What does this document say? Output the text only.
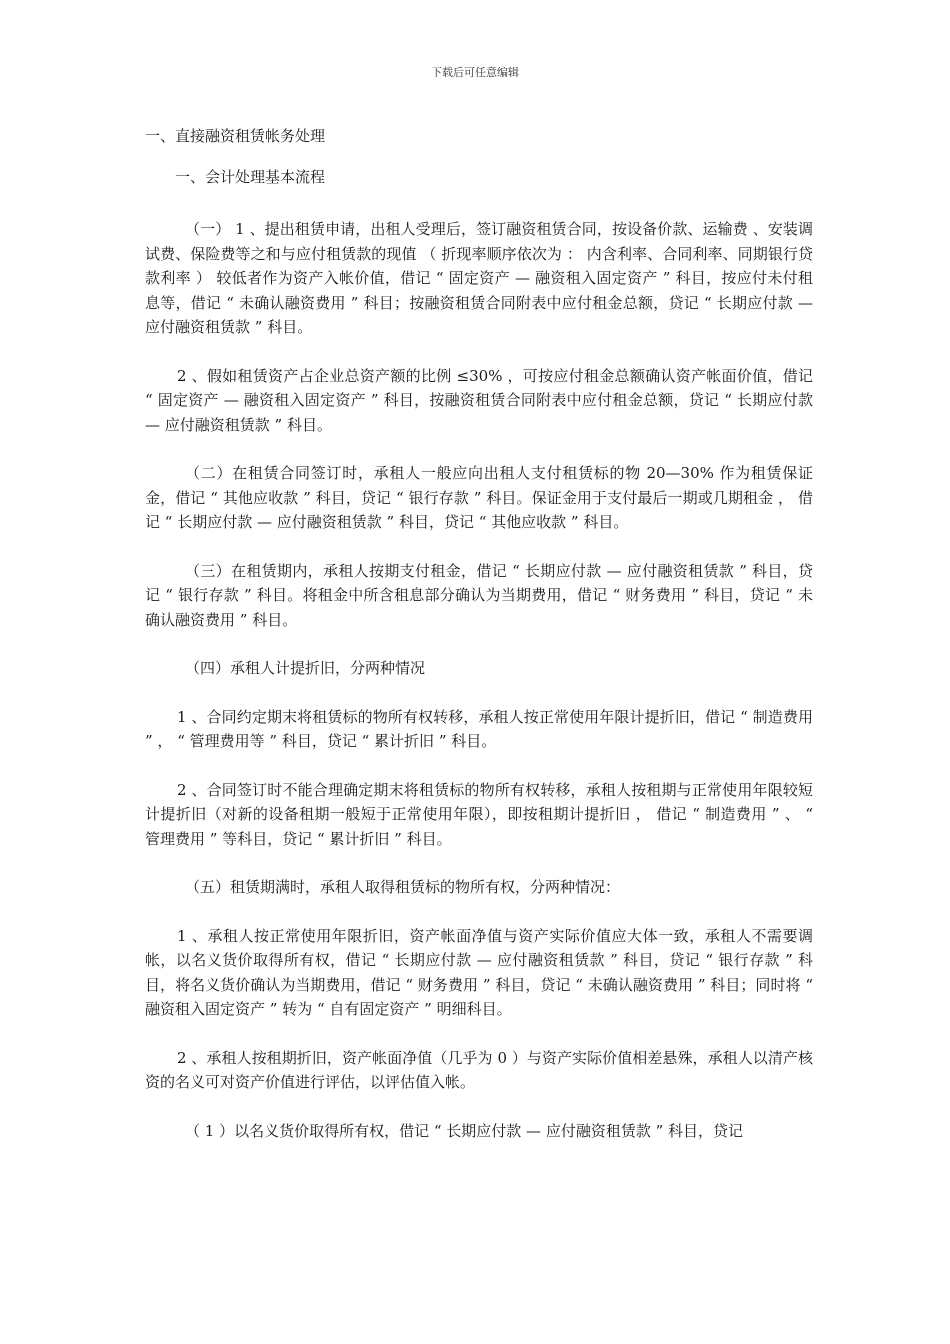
下载后可任意编辑

一、直接融资租赁帐务处理

一、会计处理基本流程

（一） 1 、提出租赁申请，出租人受理后，签订融资租赁合同，按设备价款、运输费 、安装调试费、保险费等之和与应付租赁款的现值 （ 折现率顺序依次为 ： 内含利率、合同利率、同期银行贷款利率 ） 较低者作为资产入帐价值，借记 “ 固定资产 — 融资租入固定资产 ” 科目，按应付未付租息等，借记 “ 未确认融资费用 ” 科目；按融资租赁合同附表中应付租金总额，贷记 “ 长期应付款 — 应付融资租赁款 ” 科目。

2 、假如租赁资产占企业总资产额的比例 ≤30% ，可按应付租金总额确认资产帐面价值，借记 “ 固定资产 — 融资租入固定资产 ” 科目，按融资租赁合同附表中应付租金总额，贷记 “ 长期应付款 — 应付融资租赁款 ” 科目。

（二）在租赁合同签订时，承租人一般应向出租人支付租赁标的物 20—30% 作为租赁保证金，借记 “ 其他应收款 ” 科目，贷记 “ 银行存款 ” 科目。保证金用于支付最后一期或几期租金 ， 借记 “ 长期应付款 — 应付融资租赁款 ” 科目，贷记 “ 其他应收款 ” 科目。

（三）在租赁期内，承租人按期支付租金，借记 “ 长期应付款 — 应付融资租赁款 ” 科目，贷记 “ 银行存款 ” 科目。将租金中所含租息部分确认为当期费用，借记 “ 财务费用 ” 科目，贷记 “ 未确认融资费用 ” 科目。

（四）承租人计提折旧，分两种情况

1 、合同约定期末将租赁标的物所有权转移，承租人按正常使用年限计提折旧，借记 “ 制造费用 ” ， “ 管理费用等 ” 科目，贷记 “ 累计折旧 ” 科目。

2 、合同签订时不能合理确定期末将租赁标的物所有权转移，承租人按租期与正常使用年限较短计提折旧（对新的设备租期一般短于正常使用年限），即按租期计提折旧 ， 借记 “ 制造费用 ” 、 “ 管理费用 ” 等科目，贷记 “ 累计折旧 ” 科目。

（五）租赁期满时，承租人取得租赁标的物所有权，分两种情况：

1 、承租人按正常使用年限折旧，资产帐面净值与资产实际价值应大体一致，承租人不需要调帐，以名义货价取得所有权，借记 “ 长期应付款 — 应付融资租赁款 ” 科目，贷记 “ 银行存款 ” 科目，将名义货价确认为当期费用，借记 “ 财务费用 ” 科目，贷记 “ 未确认融资费用 ” 科目；同时将 “ 融资租入固定资产 ” 转为 “ 自有固定资产 ” 明细科目。

2 、承租人按租期折旧，资产帐面净值（几乎为 0 ）与资产实际价值相差悬殊，承租人以清产核资的名义可对资产价值进行评估，以评估值入帐。

（ 1 ）以名义货价取得所有权，借记 “ 长期应付款 — 应付融资租赁款 ” 科目，贷记
